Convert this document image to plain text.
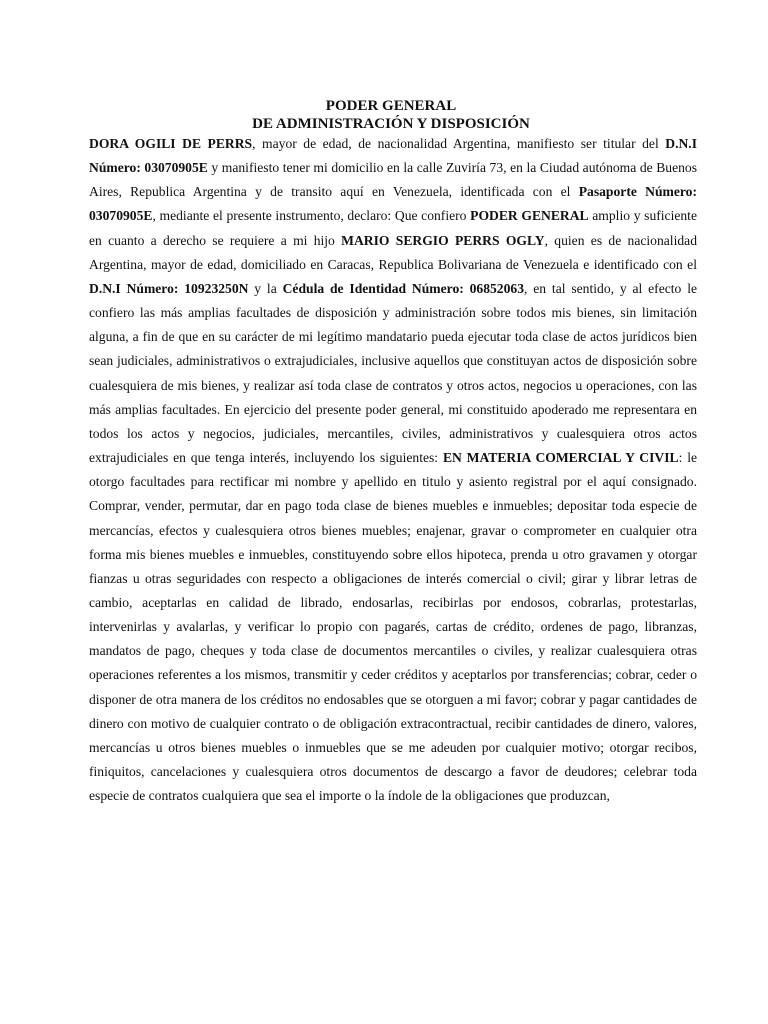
PODER GENERAL
DE ADMINISTRACIÓN Y DISPOSICIÓN
DORA OGILI DE PERRS, mayor de edad, de nacionalidad Argentina, manifiesto ser titular del D.N.I Número: 03070905E y manifiesto tener mi domicilio en la calle Zuviría 73, en la Ciudad autónoma de Buenos Aires, Republica Argentina y de transito aquí en Venezuela, identificada con el Pasaporte Número: 03070905E, mediante el presente instrumento, declaro: Que confiero PODER GENERAL amplio y suficiente en cuanto a derecho se requiere a mi hijo MARIO SERGIO PERRS OGLY, quien es de nacionalidad Argentina, mayor de edad, domiciliado en Caracas, Republica Bolivariana de Venezuela e identificado con el D.N.I Número: 10923250N y la Cédula de Identidad Número: 06852063, en tal sentido, y al efecto le confiero las más amplias facultades de disposición y administración sobre todos mis bienes, sin limitación alguna, a fin de que en su carácter de mi legítimo mandatario pueda ejecutar toda clase de actos jurídicos bien sean judiciales, administrativos o extrajudiciales, inclusive aquellos que constituyan actos de disposición sobre cualesquiera de mis bienes, y realizar así toda clase de contratos y otros actos, negocios u operaciones, con las más amplias facultades. En ejercicio del presente poder general, mi constituido apoderado me representara en todos los actos y negocios, judiciales, mercantiles, civiles, administrativos y cualesquiera otros actos extrajudiciales en que tenga interés, incluyendo los siguientes: EN MATERIA COMERCIAL Y CIVIL: le otorgo facultades para rectificar mi nombre y apellido en titulo y asiento registral por el aquí consignado. Comprar, vender, permutar, dar en pago toda clase de bienes muebles e inmuebles; depositar toda especie de mercancías, efectos y cualesquiera otros bienes muebles; enajenar, gravar o comprometer en cualquier otra forma mis bienes muebles e inmuebles, constituyendo sobre ellos hipoteca, prenda u otro gravamen y otorgar fianzas u otras seguridades con respecto a obligaciones de interés comercial o civil; girar y librar letras de cambio, aceptarlas en calidad de librado, endosarlas, recibirlas por endosos, cobrarlas, protestarlas, intervenirlas y avalarlas, y verificar lo propio con pagarés, cartas de crédito, ordenes de pago, libranzas, mandatos de pago, cheques y toda clase de documentos mercantiles o civiles, y realizar cualesquiera otras operaciones referentes a los mismos, transmitir y ceder créditos y aceptarlos por transferencias; cobrar, ceder o disponer de otra manera de los créditos no endosables que se otorguen a mi favor; cobrar y pagar cantidades de dinero con motivo de cualquier contrato o de obligación extracontractual, recibir cantidades de dinero, valores, mercancías u otros bienes muebles o inmuebles que se me adeuden por cualquier motivo; otorgar recibos, finiquitos, cancelaciones y cualesquiera otros documentos de descargo a favor de deudores; celebrar toda especie de contratos cualquiera que sea el importe o la índole de la obligaciones que produzcan,
